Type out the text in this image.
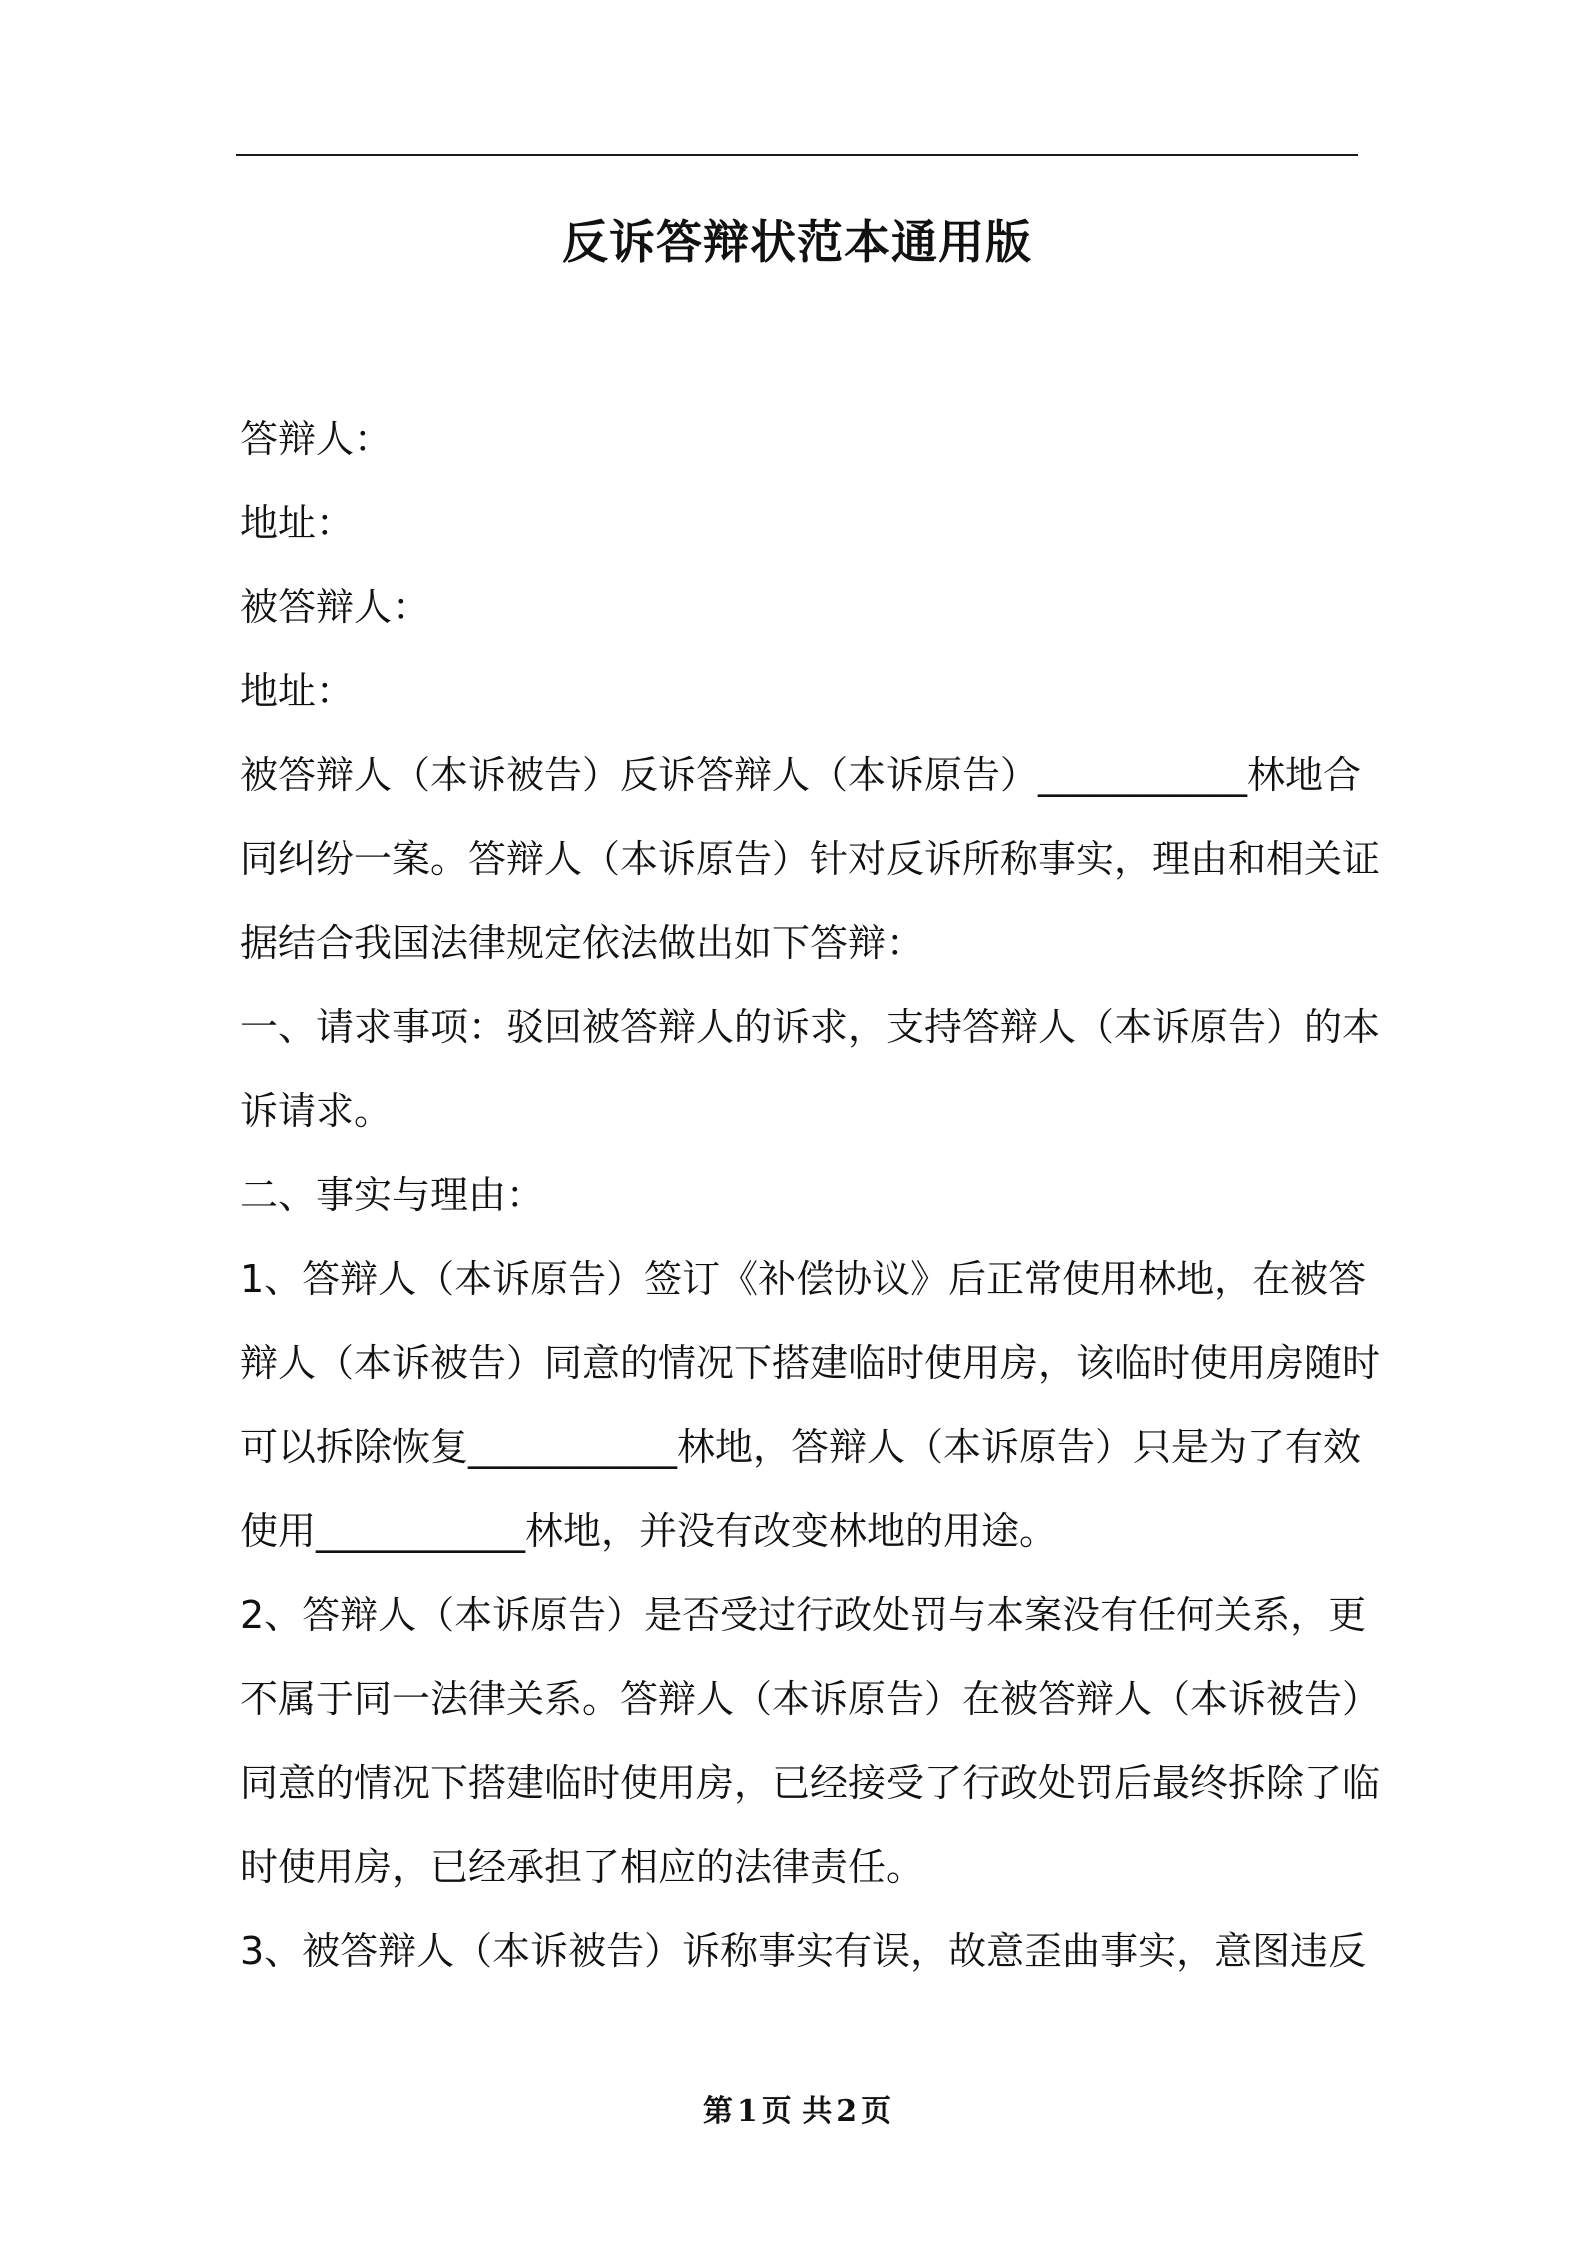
反诉答辩状范本通用版
答辩人：
地址：
被答辩人：
地址：
被答辩人（本诉被告）反诉答辩人（本诉原告）___________林地合
同纠纷一案。答辩人（本诉原告）针对反诉所称事实，理由和相关证
据结合我国法律规定依法做出如下答辩：
一、请求事项：驳回被答辩人的诉求，支持答辩人（本诉原告）的本
诉请求。
二、事实与理由：
1、答辩人（本诉原告）签订《补偿协议》后正常使用林地，在被答
辩人（本诉被告）同意的情况下搭建临时使用房，该临时使用房随时
可以拆除恢复___________林地，答辩人（本诉原告）只是为了有效
使用___________林地，并没有改变林地的用途。
2、答辩人（本诉原告）是否受过行政处罚与本案没有任何关系，更
不属于同一法律关系。答辩人（本诉原告）在被答辩人（本诉被告）
同意的情况下搭建临时使用房，已经接受了行政处罚后最终拆除了临
时使用房，已经承担了相应的法律责任。
3、被答辩人（本诉被告）诉称事实有误，故意歪曲事实，意图违反
第 1 页 共 2 页
